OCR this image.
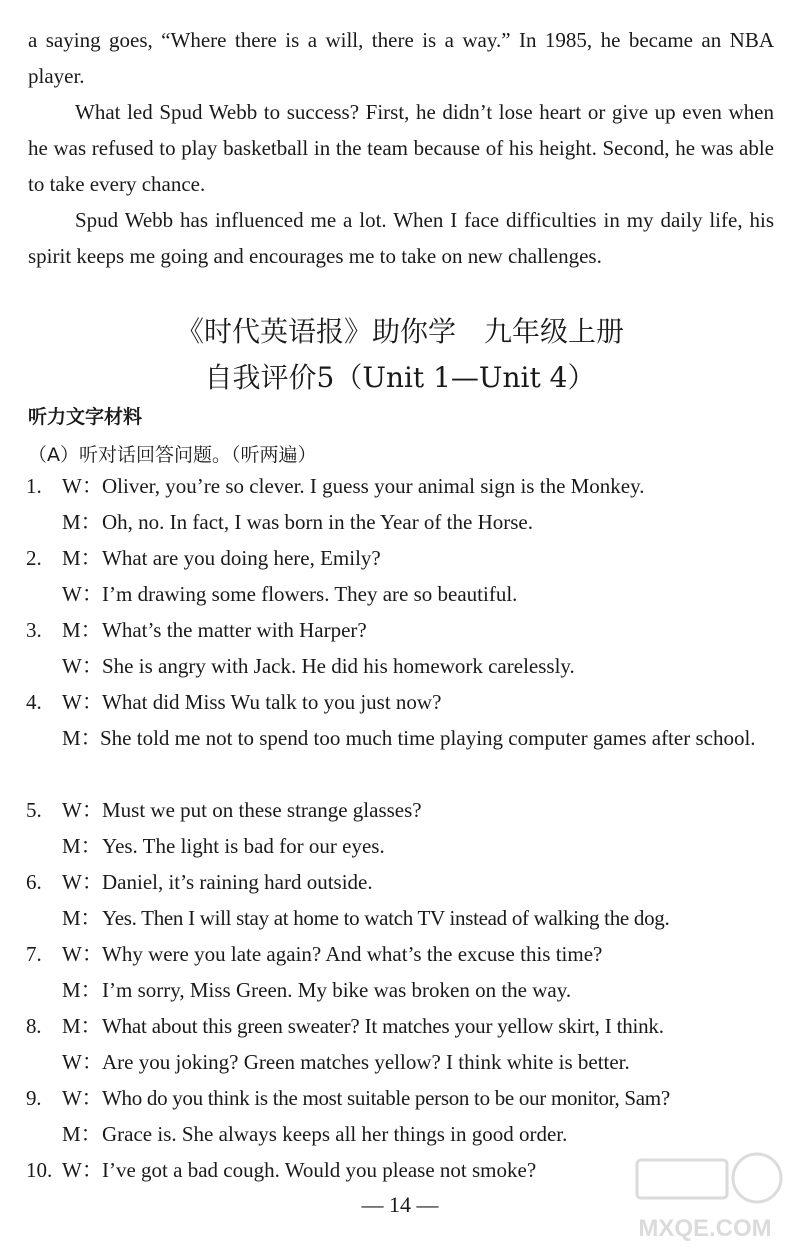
a saying goes, “Where there is a will, there is a way.” In 1985, he became an NBA player.

What led Spud Webb to success? First, he didn’t lose heart or give up even when he was refused to play basketball in the team because of his height. Second, he was able to take every chance.

Spud Webb has influenced me a lot. When I face difficulties in my daily life, his spirit keeps me going and encourages me to take on new challenges.

《时代英语报》助你学　九年级上册
自我评价5（Unit 1—Unit 4）

听力文字材料

（A）听对话回答问题。（听两遍）

1. W：Oliver, you’re so clever. I guess your animal sign is the Monkey.

M：Oh, no. In fact, I was born in the Year of the Horse.

2. M：What are you doing here, Emily?

W：I’m drawing some flowers. They are so beautiful.

3. M：What’s the matter with Harper?

W：She is angry with Jack. He did his homework carelessly.

4. W：What did Miss Wu talk to you just now?

M：

She told me not to spend too much time playing computer games after school.

5. W：Must we put on these strange glasses?

M：Yes. The light is bad for our eyes.

6. W：Daniel, it’s raining hard outside.

M：Yes. Then I will stay at home to watch TV instead of walking the dog.

7. W：Why were you late again? And what’s the excuse this time?

M：I’m sorry, Miss Green. My bike was broken on the way.

8. M：What about this green sweater? It matches your yellow skirt, I think.

W：Are you joking? Green matches yellow? I think white is better.

9. W：Who do you think is the most suitable person to be our monitor, Sam?

M：Grace is. She always keeps all her things in good order.

10. W：I’ve got a bad cough. Would you please not smoke?

— 14 —

MXQE.COM
